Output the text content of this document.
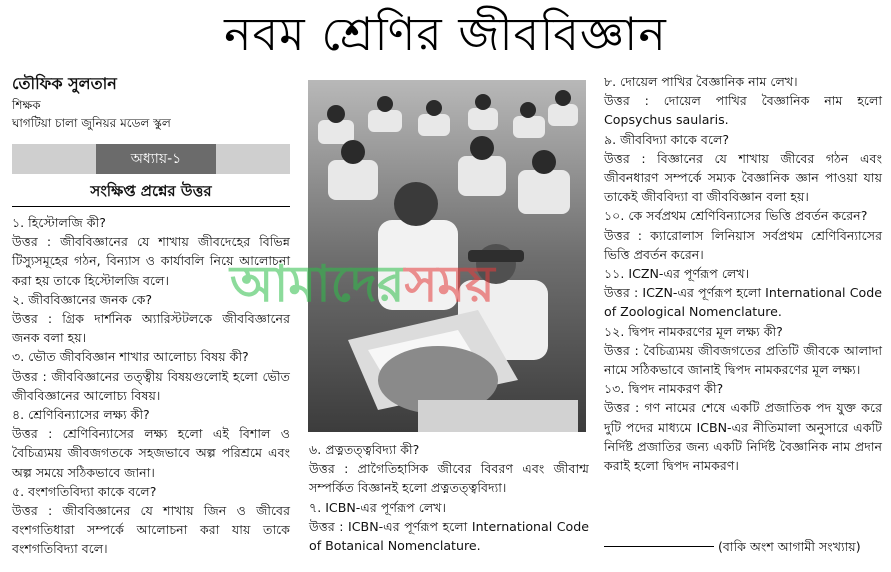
নবম শ্রেণির জীববিজ্ঞান
তৌফিক সুলতান
শিক্ষক
ঘাগটিয়া চালা জুনিয়র মডেল স্কুল
অধ্যায়-১
সংক্ষিপ্ত প্রশ্নের উত্তর

১. হিস্টোলজি কী?

উত্তর : জীববিজ্ঞানের যে শাখায় জীবদেহের বিভিন্ন টিস্যুসমূহের গঠন, বিন্যাস ও কার্যাবলি নিয়ে আলোচনা করা হয় তাকে হিস্টোলজি বলে।

২. জীববিজ্ঞানের জনক কে?

উত্তর : গ্রিক দার্শনিক অ্যারিস্টটলকে জীববিজ্ঞানের জনক বলা হয়।

৩. ভৌত জীববিজ্ঞান শাখার আলোচ্য বিষয় কী?

উত্তর : জীববিজ্ঞানের তত্ত্বীয় বিষয়গুলোই হলো ভৌত জীববিজ্ঞানের আলোচ্য বিষয়।

৪. শ্রেণিবিন্যাসের লক্ষ্য কী?

উত্তর : শ্রেণিবিন্যাসের লক্ষ্য হলো এই বিশাল ও বৈচিত্র্যময় জীবজগতকে সহজভাবে অল্প পরিশ্রমে এবং অল্প সময়ে সঠিকভাবে জানা।

৫. বংশগতিবিদ্যা কাকে বলে?

উত্তর : জীববিজ্ঞানের যে শাখায় জিন ও জীবের বংশগতিধারা সম্পর্কে আলোচনা করা যায় তাকে বংশগতিবিদ্যা বলে।

৬. প্রত্নতত্ত্ববিদ্যা কী?

উত্তর : প্রাগৈতিহাসিক জীবের বিবরণ এবং জীবাশ্ম সম্পর্কিত বিজ্ঞানই হলো প্রত্নতত্ত্ববিদ্যা।

৭. ICBN-এর পূর্ণরূপ লেখ।

উত্তর : ICBN-এর পূর্ণরূপ হলো International Code of Botanical Nomenclature.

৮. দোয়েল পাখির বৈজ্ঞানিক নাম লেখ।

উত্তর : দোয়েল পাখির বৈজ্ঞানিক নাম হলো Copsychus saularis.

৯. জীববিদ্যা কাকে বলে?

উত্তর : বিজ্ঞানের যে শাখায় জীবের গঠন এবং জীবনধারণ সম্পর্কে সম্যক বৈজ্ঞানিক জ্ঞান পাওয়া যায় তাকেই জীববিদ্যা বা জীববিজ্ঞান বলা হয়।

১০. কে সর্বপ্রথম শ্রেণিবিন্যাসের ভিত্তি প্রবর্তন করেন?

উত্তর : ক্যারোলাস লিনিয়াস সর্বপ্রথম শ্রেণিবিন্যাসের ভিত্তি প্রবর্তন করেন।

১১. ICZN-এর পূর্ণরূপ লেখ।

উত্তর : ICZN-এর পূর্ণরূপ হলো International Code of Zoological Nomenclature.

১২. দ্বিপদ নামকরণের মূল লক্ষ্য কী?

উত্তর : বৈচিত্র্যময় জীবজগতের প্রতিটি জীবকে আলাদা নামে সঠিকভাবে জানাই দ্বিপদ নামকরণের মূল লক্ষ্য।

১৩. দ্বিপদ নামকরণ কী?

উত্তর : গণ নামের শেষে একটি প্রজাতিক পদ যুক্ত করে দুটি পদের মাধ্যমে ICBN-এর নীতিমালা অনুসারে একটি নির্দিষ্ট প্রজাতির জন্য একটি নির্দিষ্ট বৈজ্ঞানিক নাম প্রদান করাই হলো দ্বিপদ নামকরণ।

(বাকি অংশ আগামী সংখ্যায়)
আমাদেরসময়
